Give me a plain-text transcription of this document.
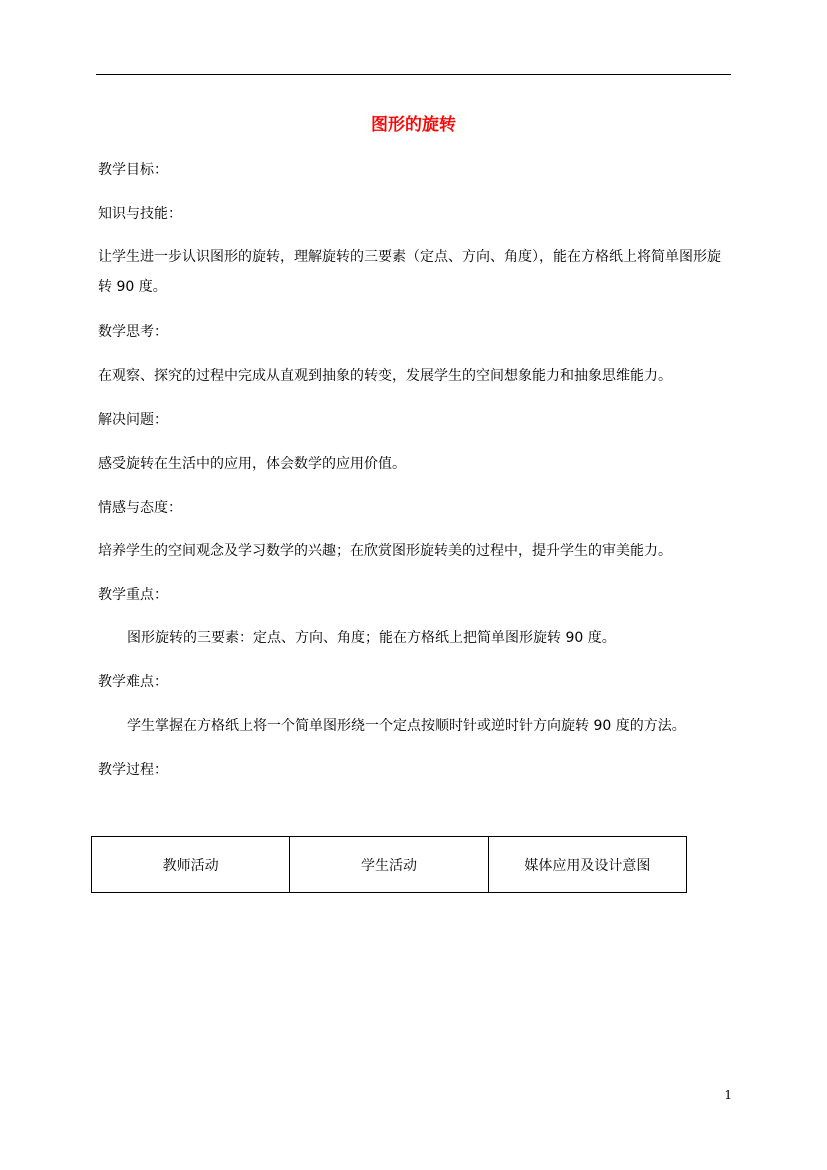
图形的旋转
教学目标：
知识与技能：
让学生进一步认识图形的旋转，理解旋转的三要素（定点、方向、角度），能在方格纸上将简单图形旋转 90 度。
数学思考：
在观察、探究的过程中完成从直观到抽象的转变，发展学生的空间想象能力和抽象思维能力。
解决问题：
感受旋转在生活中的应用，体会数学的应用价值。
情感与态度：
培养学生的空间观念及学习数学的兴趣；在欣赏图形旋转美的过程中，提升学生的审美能力。
教学重点：
图形旋转的三要素：定点、方向、角度；能在方格纸上把简单图形旋转 90 度。
教学难点：
学生掌握在方格纸上将一个简单图形绕一个定点按顺时针或逆时针方向旋转 90 度的方法。
教学过程：
教师活动	学生活动	媒体应用及设计意图
1
